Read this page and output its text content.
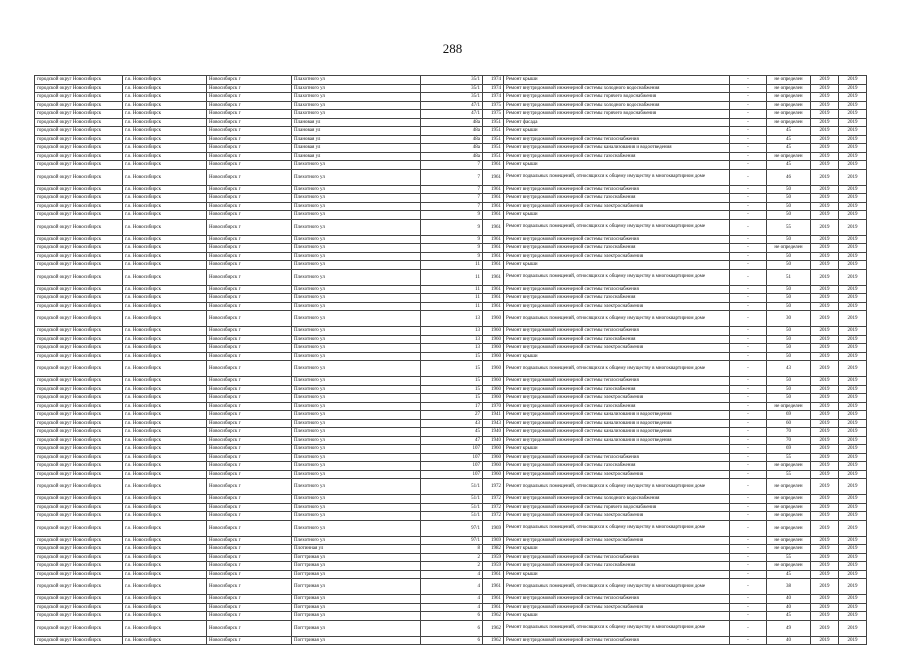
288
городской округ Новосибирск	г.о. Новосибирск	Новосибирск г	Плахотного ул	35/1	1974	Ремонт крыши	-	не определен	2019	2019
городской округ Новосибирск	г.о. Новосибирск	Новосибирск г	Плахотного ул	35/1	1974	Ремонт внутридомовой инженерной системы холодного водоснабжения	-	не определен	2019	2019
городской округ Новосибирск	г.о. Новосибирск	Новосибирск г	Плахотного ул	35/1	1974	Ремонт внутридомовой инженерной системы горячего водоснабжения	-	не определен	2019	2019
городской округ Новосибирск	г.о. Новосибирск	Новосибирск г	Плахотного ул	47/1	1975	Ремонт внутридомовой инженерной системы холодного водоснабжения	-	не определен	2019	2019
городской округ Новосибирск	г.о. Новосибирск	Новосибирск г	Плахотного ул	47/1	1975	Ремонт внутридомовой инженерной системы горячего водоснабжения	-	не определен	2019	2019
городской округ Новосибирск	г.о. Новосибирск	Новосибирск г	Плановая ул	48а	1951	Ремонт фасада	-	не определен	2019	2019
городской округ Новосибирск	г.о. Новосибирск	Новосибирск г	Плановая ул	48а	1951	Ремонт крыши	-	45	2019	2019
городской округ Новосибирск	г.о. Новосибирск	Новосибирск г	Плановая ул	48а	1951	Ремонт внутридомовой инженерной системы теплоснабжения	-	45	2019	2019
городской округ Новосибирск	г.о. Новосибирск	Новосибирск г	Плановая ул	48а	1951	Ремонт внутридомовой инженерной системы канализования и водоотведения	-	45	2019	2019
городской округ Новосибирск	г.о. Новосибирск	Новосибирск г	Плановая ул	48а	1951	Ремонт внутридомовой инженерной системы газоснабжения	-	не определен	2019	2019
городской округ Новосибирск	г.о. Новосибирск	Новосибирск г	Плехотного ул	7	1961	Ремонт крыши	-	45	2019	2019
городской округ Новосибирск	г.о. Новосибирск	Новосибирск г	Плехотного ул	7	1961	Ремонт подвальных помещений, относящихся к общему имуществу в многоквартирном доме	-	46	2019	2019
городской округ Новосибирск	г.о. Новосибирск	Новосибирск г	Плехотного ул	7	1961	Ремонт внутридомовой инженерной системы теплоснабжения	-	50	2019	2019
городской округ Новосибирск	г.о. Новосибирск	Новосибирск г	Плехотного ул	7	1961	Ремонт внутридомовой инженерной системы газоснабжения	-	50	2019	2019
городской округ Новосибирск	г.о. Новосибирск	Новосибирск г	Плехотного ул	7	1961	Ремонт внутридомовой инженерной системы электроснабжения	-	50	2019	2019
городской округ Новосибирск	г.о. Новосибирск	Новосибирск г	Плехотного ул	9	1961	Ремонт крыши	-	50	2019	2019
городской округ Новосибирск	г.о. Новосибирск	Новосибирск г	Плехотного ул	9	1961	Ремонт подвальных помещений, относящихся к общему имуществу в многоквартирном доме	-	55	2019	2019
городской округ Новосибирск	г.о. Новосибирск	Новосибирск г	Плехотного ул	9	1961	Ремонт внутридомовой инженерной системы теплоснабжения	-	50	2019	2019
городской округ Новосибирск	г.о. Новосибирск	Новосибирск г	Плехотного ул	9	1961	Ремонт внутридомовой инженерной системы газоснабжения	-	не определен	2019	2019
городской округ Новосибирск	г.о. Новосибирск	Новосибирск г	Плехотного ул	9	1961	Ремонт внутридомовой инженерной системы электроснабжения	-	50	2019	2019
городской округ Новосибирск	г.о. Новосибирск	Новосибирск г	Плехотного ул	11	1961	Ремонт крыши	-	50	2019	2019
городской округ Новосибирск	г.о. Новосибирск	Новосибирск г	Плехотного ул	11	1961	Ремонт подвальных помещений, относящихся к общему имуществу в многоквартирном доме	-	51	2019	2019
городской округ Новосибирск	г.о. Новосибирск	Новосибирск г	Плехотного ул	11	1961	Ремонт внутридомовой инженерной системы теплоснабжения	-	50	2019	2019
городской округ Новосибирск	г.о. Новосибирск	Новосибирск г	Плехотного ул	11	1961	Ремонт внутридомовой инженерной системы газоснабжения	-	50	2019	2019
городской округ Новосибирск	г.о. Новосибирск	Новосибирск г	Плехотного ул	11	1961	Ремонт внутридомовой инженерной системы электроснабжения	-	50	2019	2019
городской округ Новосибирск	г.о. Новосибирск	Новосибирск г	Плехотного ул	13	1960	Ремонт подвальных помещений, относящихся к общему имуществу в многоквартирном доме	-	30	2019	2019
городской округ Новосибирск	г.о. Новосибирск	Новосибирск г	Плехотного ул	13	1960	Ремонт внутридомовой инженерной системы теплоснабжения	-	50	2019	2019
городской округ Новосибирск	г.о. Новосибирск	Новосибирск г	Плехотного ул	13	1960	Ремонт внутридомовой инженерной системы газоснабжения	-	50	2019	2019
городской округ Новосибирск	г.о. Новосибирск	Новосибирск г	Плехотного ул	13	1960	Ремонт внутридомовой инженерной системы электроснабжения	-	50	2019	2019
городской округ Новосибирск	г.о. Новосибирск	Новосибирск г	Плехотного ул	15	1960	Ремонт крыши	-	50	2019	2019
городской округ Новосибирск	г.о. Новосибирск	Новосибирск г	Плехотного ул	15	1960	Ремонт подвальных помещений, относящихся к общему имуществу в многоквартирном доме	-	43	2019	2019
городской округ Новосибирск	г.о. Новосибирск	Новосибирск г	Плехотного ул	15	1960	Ремонт внутридомовой инженерной системы теплоснабжения	-	50	2019	2019
городской округ Новосибирск	г.о. Новосибирск	Новосибирск г	Плехотного ул	15	1960	Ремонт внутридомовой инженерной системы газоснабжения	-	50	2019	2019
городской округ Новосибирск	г.о. Новосибирск	Новосибирск г	Плехотного ул	15	1960	Ремонт внутридомовой инженерной системы электроснабжения	-	50	2019	2019
городской округ Новосибирск	г.о. Новосибирск	Новосибирск г	Плехотного ул	17	1970	Ремонт внутридомовой инженерной системы газоснабжения	-	не определен	2019	2019
городской округ Новосибирск	г.о. Новосибирск	Новосибирск г	Плехотного ул	27	1941	Ремонт внутридомовой инженерной системы канализования и водоотведения	-	69	2019	2019
городской округ Новосибирск	г.о. Новосибирск	Новосибирск г	Плехотного ул	43	1943	Ремонт внутридомовой инженерной системы канализования и водоотведения	-	60	2019	2019
городской округ Новосибирск	г.о. Новосибирск	Новосибирск г	Плехотного ул	45	1940	Ремонт внутридомовой инженерной системы канализования и водоотведения	-	70	2019	2019
городской округ Новосибирск	г.о. Новосибирск	Новосибирск г	Плехотного ул	47	1940	Ремонт внутридомовой инженерной системы канализования и водоотведения	-	70	2019	2019
городской округ Новосибирск	г.о. Новосибирск	Новосибирск г	Плехотного ул	107	1960	Ремонт крыши	-	69	2019	2019
городской округ Новосибирск	г.о. Новосибирск	Новосибирск г	Плехотного ул	107	1960	Ремонт внутридомовой инженерной системы теплоснабжения	-	55	2019	2019
городской округ Новосибирск	г.о. Новосибирск	Новосибирск г	Плехотного ул	107	1960	Ремонт внутридомовой инженерной системы газоснабжения	-	не определен	2019	2019
городской округ Новосибирск	г.о. Новосибирск	Новосибирск г	Плехотного ул	107	1960	Ремонт внутридомовой инженерной системы электроснабжения	-	55	2019	2019
городской округ Новосибирск	г.о. Новосибирск	Новосибирск г	Плехотного ул	51/1	1972	Ремонт подвальных помещений, относящихся к общему имуществу в многоквартирном доме	-	не определен	2019	2019
городской округ Новосибирск	г.о. Новосибирск	Новосибирск г	Плехотного ул	51/1	1972	Ремонт внутридомовой инженерной системы холодного водоснабжения	-	не определен	2019	2019
городской округ Новосибирск	г.о. Новосибирск	Новосибирск г	Плехотного ул	51/1	1972	Ремонт внутридомовой инженерной системы горячего водоснабжения	-	не определен	2019	2019
городской округ Новосибирск	г.о. Новосибирск	Новосибирск г	Плехотного ул	51/1	1972	Ремонт внутридомовой инженерной системы электроснабжения	-	не определен	2019	2019
городской округ Новосибирск	г.о. Новосибирск	Новосибирск г	Плехотного ул	97/1	1969	Ремонт подвальных помещений, относящихся к общему имуществу в многоквартирном доме	-	не определен	2019	2019
городской округ Новосибирск	г.о. Новосибирск	Новосибирск г	Плехотного ул	97/1	1969	Ремонт внутридомовой инженерной системы электроснабжения	-	не определен	2019	2019
городской округ Новосибирск	г.о. Новосибирск	Новосибирск г	Плотинная ул	8	1982	Ремонт крыши	-	не определен	2019	2019
городской округ Новосибирск	г.о. Новосибирск	Новосибирск г	Поггтриная ул	2	1959	Ремонт внутридомовой инженерной системы теплоснабжения	-	55	2019	2019
городской округ Новосибирск	г.о. Новосибирск	Новосибирск г	Поггтриная ул	2	1959	Ремонт внутридомовой инженерной системы газоснабжения	-	не определен	2019	2019
городской округ Новосибирск	г.о. Новосибирск	Новосибирск г	Поггтриная ул	4	1961	Ремонт крыши	-	45	2019	2019
городской округ Новосибирск	г.о. Новосибирск	Новосибирск г	Поггтриная ул	4	1961	Ремонт подвальных помещений, относящихся к общему имуществу в многоквартирном доме	-	38	2019	2019
городской округ Новосибирск	г.о. Новосибирск	Новосибирск г	Поггтриная ул	4	1961	Ремонт внутридомовой инженерной системы теплоснабжения	-	40	2019	2019
городской округ Новосибирск	г.о. Новосибирск	Новосибирск г	Поггтриная ул	4	1961	Ремонт внутридомовой инженерной системы электроснабжения	-	40	2019	2019
городской округ Новосибирск	г.о. Новосибирск	Новосибирск г	Поггтриная ул	6	1962	Ремонт крыши	-	45	2019	2019
городской округ Новосибирск	г.о. Новосибирск	Новосибирск г	Поггтриная ул	6	1962	Ремонт подвальных помещений, относящихся к общему имуществу в многоквартирном доме	-	49	2019	2019
городской округ Новосибирск	г.о. Новосибирск	Новосибирск г	Поггтриная ул	6	1962	Ремонт внутридомовой инженерной системы теплоснабжения	-	40	2019	2019
